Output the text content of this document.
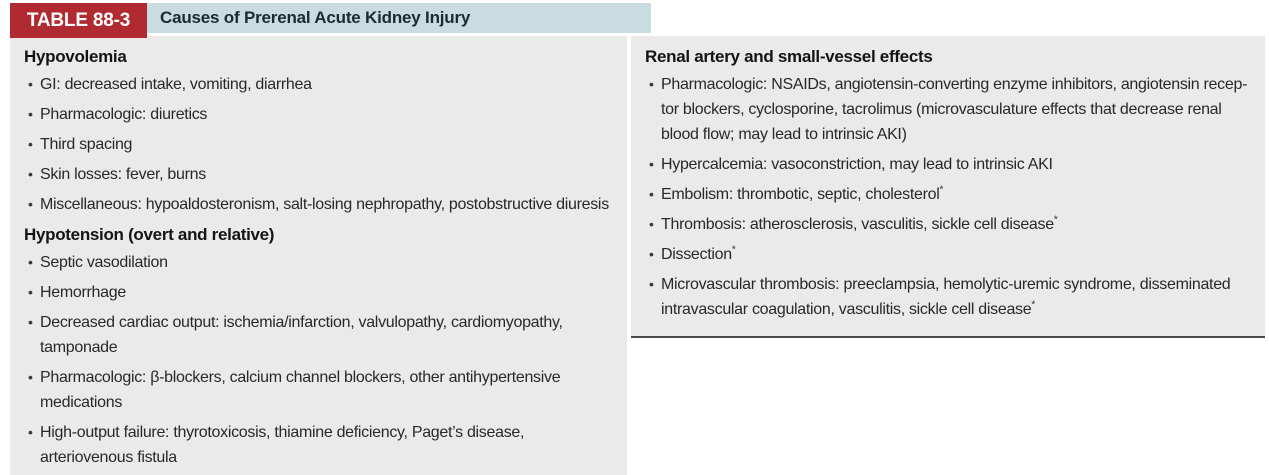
TABLE 88-3 Causes of Prerenal Acute Kidney Injury
Hypovolemia
• GI: decreased intake, vomiting, diarrhea
• Pharmacologic: diuretics
• Third spacing
• Skin losses: fever, burns
• Miscellaneous: hypoaldosteronism, salt-losing nephropathy, postobstructive diuresis
Hypotension (overt and relative)
• Septic vasodilation
• Hemorrhage
• Decreased cardiac output: ischemia/infarction, valvulopathy, cardiomyopathy, tamponade
• Pharmacologic: β-blockers, calcium channel blockers, other antihypertensive medications
• High-output failure: thyrotoxicosis, thiamine deficiency, Paget’s disease, arteriovenous fistula
Renal artery and small-vessel effects
• Pharmacologic: NSAIDs, angiotensin-converting enzyme inhibitors, angiotensin receptor blockers, cyclosporine, tacrolimus (microvasculature effects that decrease renal blood flow; may lead to intrinsic AKI)
• Hypercalcemia: vasoconstriction, may lead to intrinsic AKI
• Embolism: thrombotic, septic, cholesterol*
• Thrombosis: atherosclerosis, vasculitis, sickle cell disease*
• Dissection*
• Microvascular thrombosis: preeclampsia, hemolytic-uremic syndrome, disseminated intravascular coagulation, vasculitis, sickle cell disease*
